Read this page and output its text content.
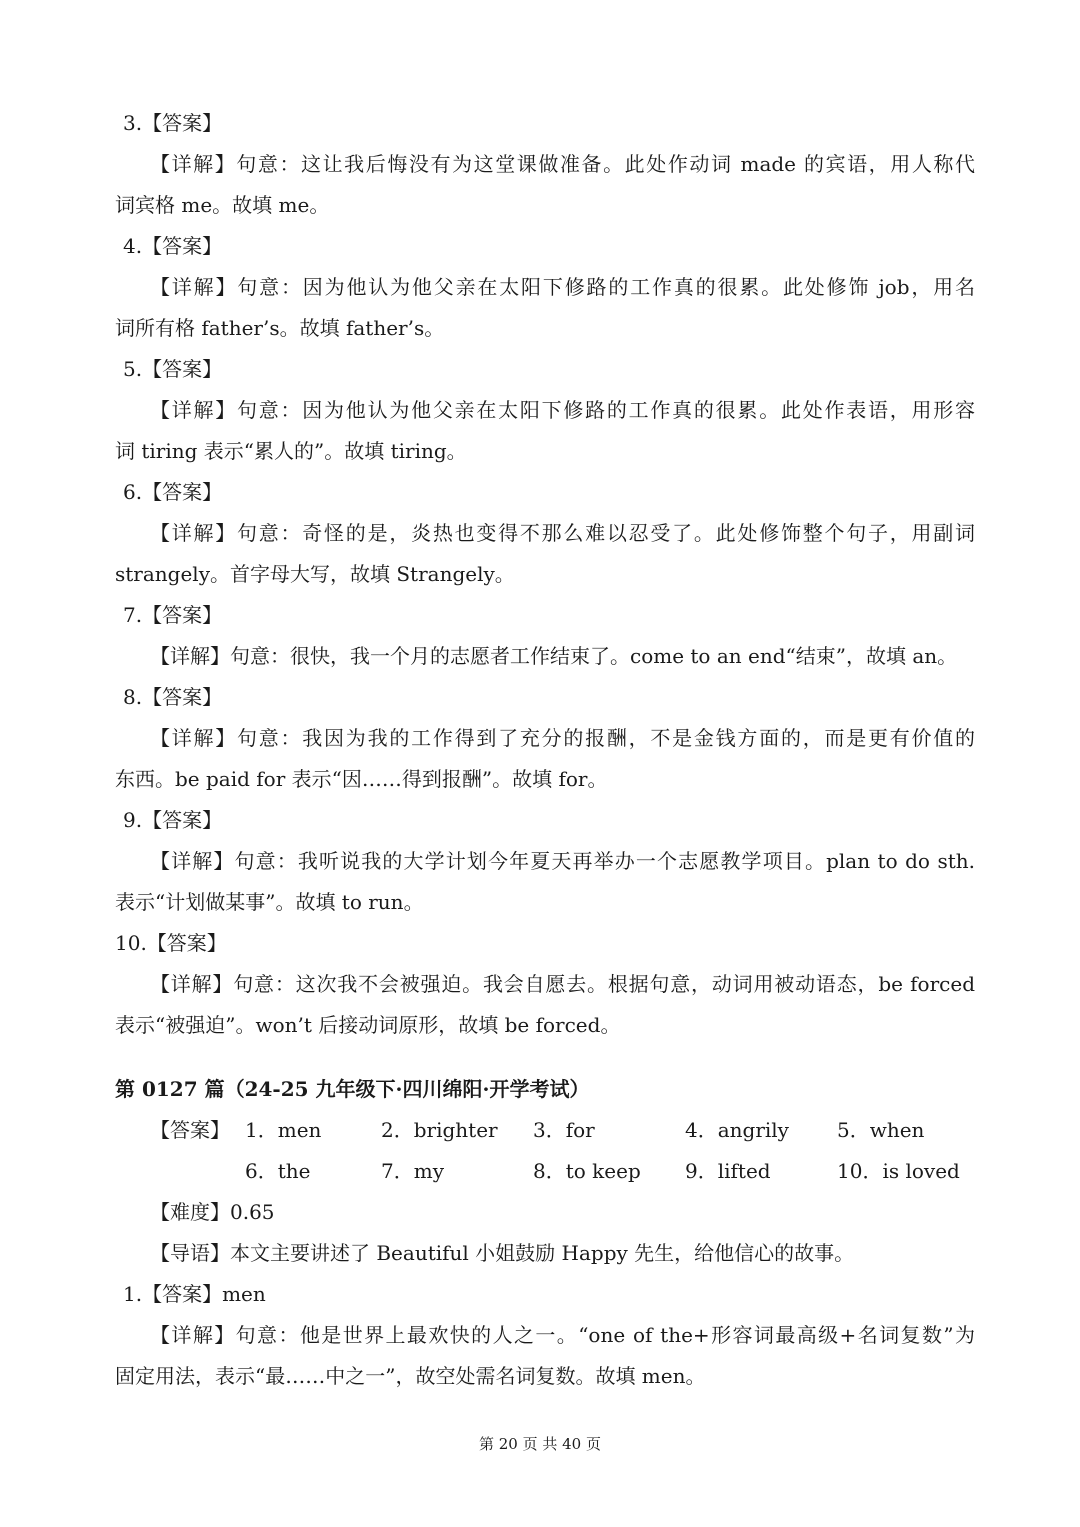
3.【答案】
【详解】句意：这让我后悔没有为这堂课做准备。此处作动词 made 的宾语，用人称代
词宾格 me。故填 me。
4.【答案】
【详解】句意：因为他认为他父亲在太阳下修路的工作真的很累。此处修饰 job，用名
词所有格 father’s。故填 father’s。
5.【答案】
【详解】句意：因为他认为他父亲在太阳下修路的工作真的很累。此处作表语，用形容
词 tiring 表示“累人的”。故填 tiring。
6.【答案】
【详解】句意：奇怪的是，炎热也变得不那么难以忍受了。此处修饰整个句子，用副词
strangely。首字母大写，故填 Strangely。
7.【答案】
【详解】句意：很快，我一个月的志愿者工作结束了。come to an end“结束”，故填 an。
8.【答案】
【详解】句意：我因为我的工作得到了充分的报酬，不是金钱方面的，而是更有价值的
东西。be paid for 表示“因……得到报酬”。故填 for。
9.【答案】
【详解】句意：我听说我的大学计划今年夏天再举办一个志愿教学项目。plan to do sth.
表示“计划做某事”。故填 to run。
10.【答案】
【详解】句意：这次我不会被强迫。我会自愿去。根据句意，动词用被动语态，be forced
表示“被强迫”。won’t 后接动词原形，故填 be forced。
第 0127 篇（24-25 九年级下·四川绵阳·开学考试）
【答案】 1．men	2．brighter 3．for	4．angrily 5．when
6．the	7．my	8．to keep 9．lifted	10．is loved
【难度】0.65
【导语】本文主要讲述了 Beautiful 小姐鼓励 Happy 先生，给他信心的故事。
1.【答案】men
【详解】句意：他是世界上最欢快的人之一。“one of the+形容词最高级+名词复数”为
固定用法，表示“最……中之一”，故空处需名词复数。故填 men。
第 20 页 共 40 页
